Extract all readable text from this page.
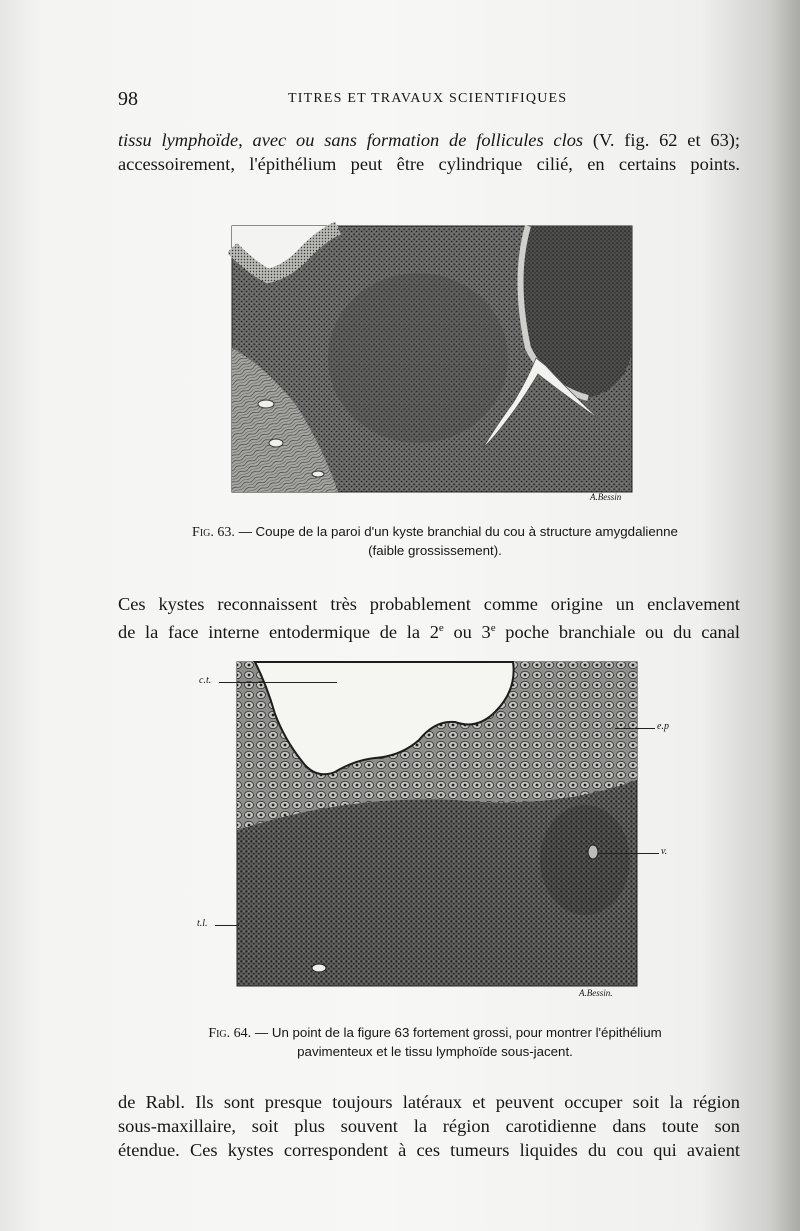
98	TITRES ET TRAVAUX SCIENTIFIQUES

tissu lymphoïde, avec ou sans formation de follicules clos (V. fig. 62 et 63);
accessoirement, l'épithélium peut être cylindrique cilié, en certains points.

A.Bessin

Fig. 63. — Coupe de la paroi d'un kyste branchial du cou à structure amygdalienne
(faible grossissement).

Ces kystes reconnaissent très probablement comme origine un enclavement
de la face interne entodermique de la 2e ou 3e poche branchiale ou du canal

c.t.
e.p
v.
t.l.
A.Bessin.

Fig. 64. — Un point de la figure 63 fortement grossi, pour montrer l'épithélium
pavimenteux et le tissu lymphoïde sous-jacent.

de Rabl. Ils sont presque toujours latéraux et peuvent occuper soit la région
sous-maxillaire, soit plus souvent la région carotidienne dans toute son
étendue. Ces kystes correspondent à ces tumeurs liquides du cou qui avaient
